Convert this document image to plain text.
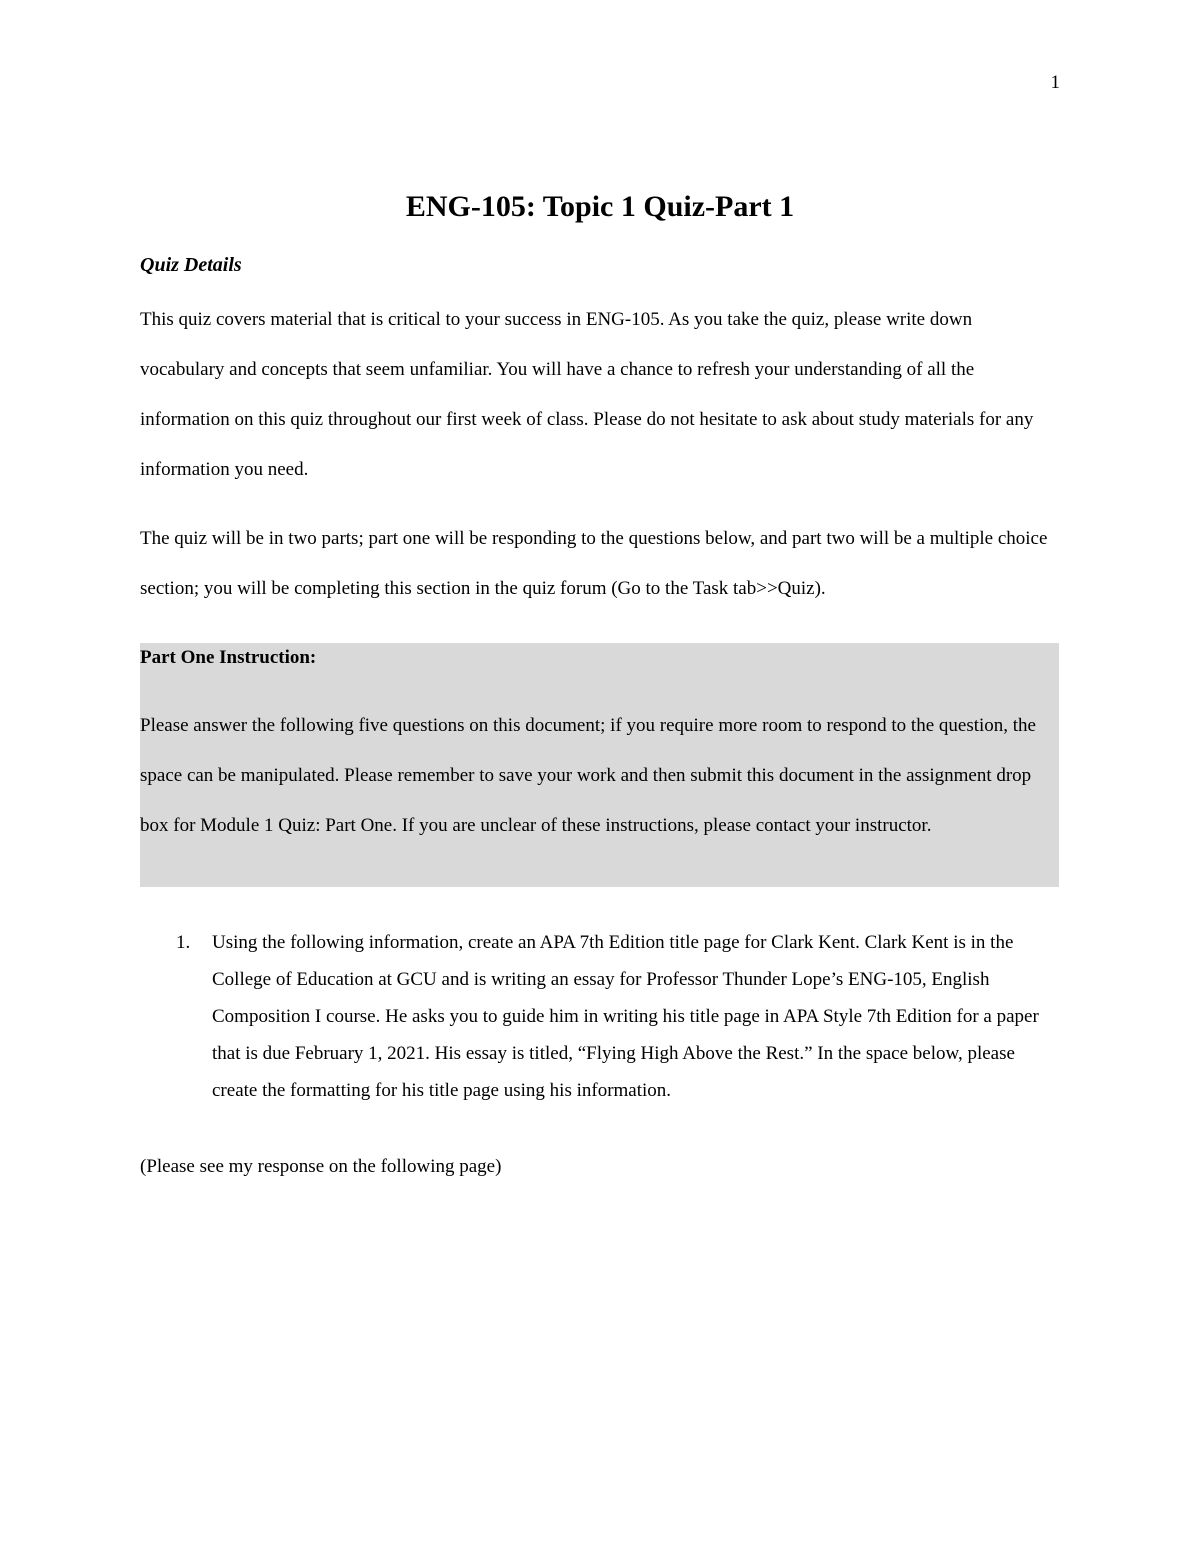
1
ENG-105: Topic 1 Quiz-Part 1
Quiz Details

This quiz covers material that is critical to your success in ENG-105. As you take the quiz, please write down vocabulary and concepts that seem unfamiliar. You will have a chance to refresh your understanding of all the information on this quiz throughout our first week of class. Please do not hesitate to ask about study materials for any information you need.

The quiz will be in two parts; part one will be responding to the questions below, and part two will be a multiple choice section; you will be completing this section in the quiz forum (Go to the Task tab>>Quiz).

Part One Instruction:

Please answer the following five questions on this document; if you require more room to respond to the question, the space can be manipulated. Please remember to save your work and then submit this document in the assignment drop box for Module 1 Quiz: Part One. If you are unclear of these instructions, please contact your instructor.

1. Using the following information, create an APA 7th Edition title page for Clark Kent. Clark Kent is in the College of Education at GCU and is writing an essay for Professor Thunder Lope’s ENG-105, English Composition I course. He asks you to guide him in writing his title page in APA Style 7th Edition for a paper that is due February 1, 2021. His essay is titled, “Flying High Above the Rest.” In the space below, please create the formatting for his title page using his information.

(Please see my response on the following page)
